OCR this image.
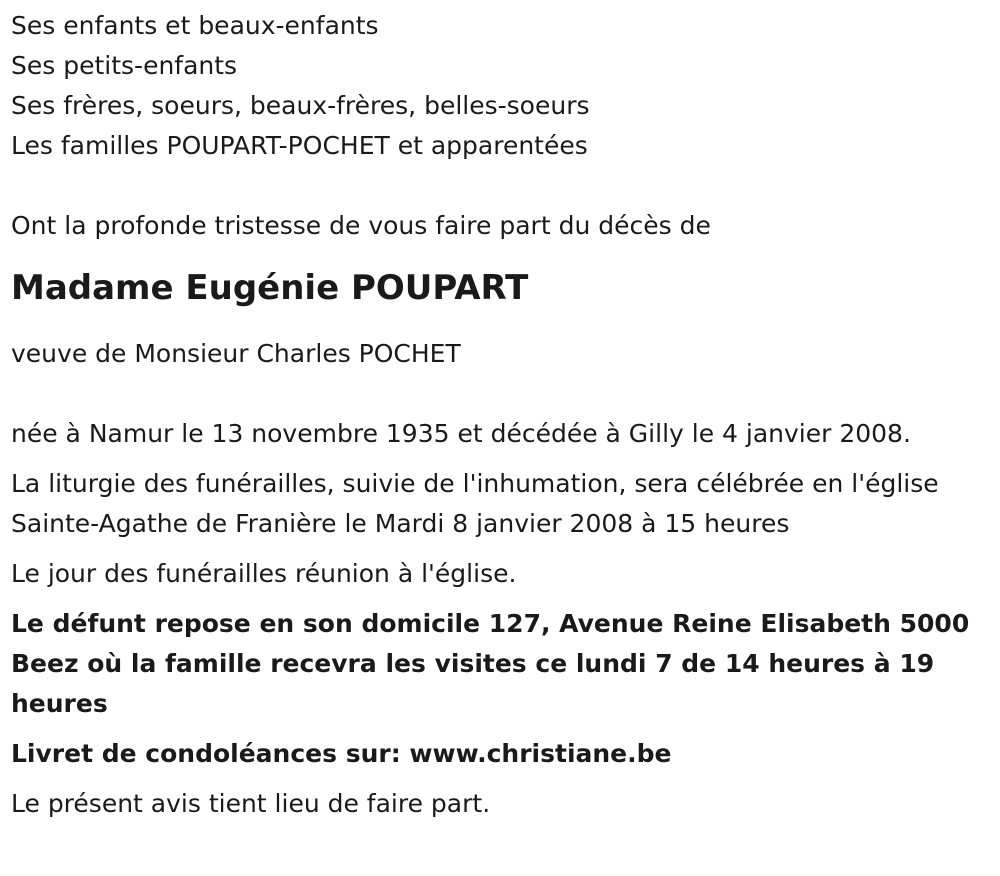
Ses enfants et beaux-enfants

Ses petits-enfants

Ses frères, soeurs, beaux-frères, belles-soeurs

Les familles POUPART-POCHET et apparentées

Ont la profonde tristesse de vous faire part du décès de

Madame Eugénie POUPART

veuve de Monsieur Charles POCHET

née à Namur le 13 novembre 1935 et décédée à Gilly le 4 janvier 2008.

La liturgie des funérailles, suivie de l'inhumation, sera célébrée en l'église

Sainte-Agathe de Franière le Mardi 8 janvier 2008 à 15 heures

Le jour des funérailles réunion à l'église.

Le défunt repose en son domicile 127, Avenue Reine Elisabeth 5000

Beez où la famille recevra les visites ce lundi 7 de 14 heures à 19

heures

Livret de condoléances sur: www.christiane.be

Le présent avis tient lieu de faire part.
